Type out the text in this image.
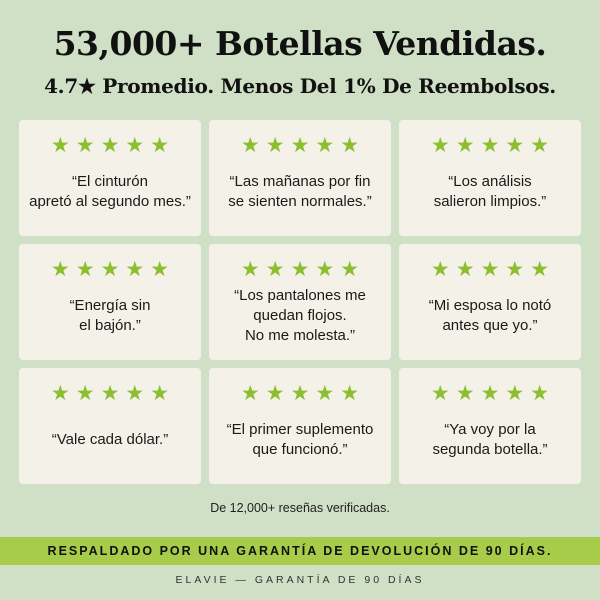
53,000+ Botellas Vendidas.
4.7★ Promedio. Menos Del 1% De Reembolsos.
★ ★ ★ ★ ★
“El cinturón
apretó al segundo mes.”
★ ★ ★ ★ ★
“Las mañanas por fin
se sienten normales.”
★ ★ ★ ★ ★
“Los análisis
salieron limpios.”
★ ★ ★ ★ ★
“Energía sin
el bajón.”
★ ★ ★ ★ ★
“Los pantalones me
quedan flojos.
No me molesta.”
★ ★ ★ ★ ★
“Mi esposa lo notó
antes que yo.”
★ ★ ★ ★ ★
“Vale cada dólar.”
★ ★ ★ ★ ★
“El primer suplemento
que funcionó.”
★ ★ ★ ★ ★
“Ya voy por la
segunda botella.”
De 12,000+ reseñas verificadas.
RESPALDADO POR UNA GARANTÍA DE DEVOLUCIÓN DE 90 DÍAS.
ELAVIE — GARANTÍA DE 90 DÍAS
